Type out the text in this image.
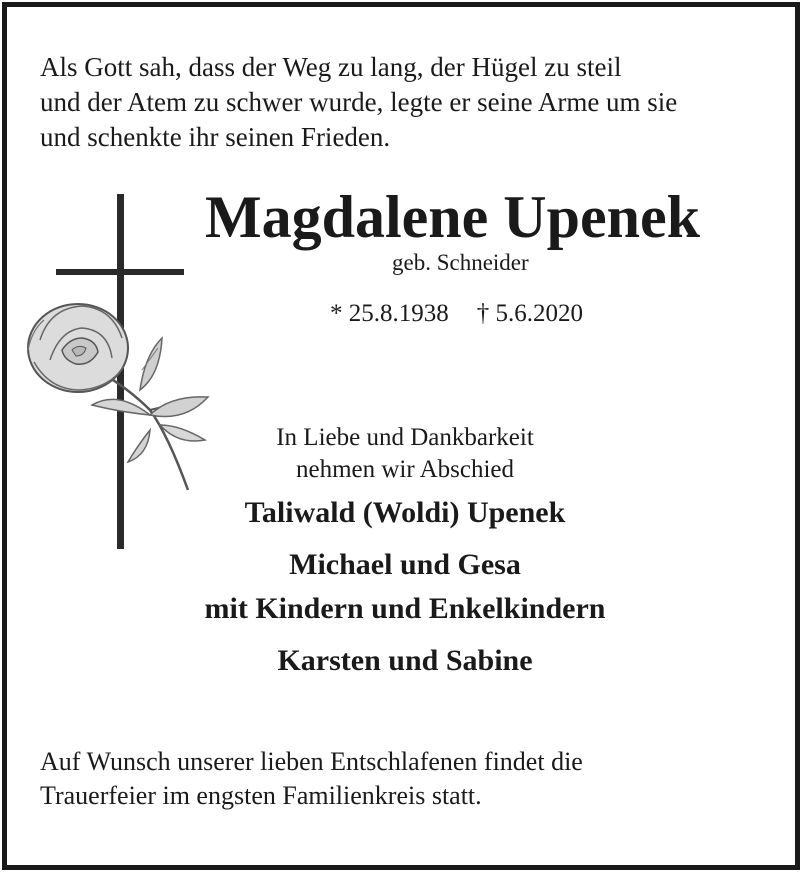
Als Gott sah, dass der Weg zu lang, der Hügel zu steil
und der Atem zu schwer wurde, legte er seine Arme um sie
und schenkte ihr seinen Frieden.
Magdalene Upenek
geb. Schneider
* 25.8.1938 † 5.6.2020
In Liebe und Dankbarkeit
nehmen wir Abschied
Taliwald (Woldi) Upenek
Michael und Gesa
mit Kindern und Enkelkindern
Karsten und Sabine
Auf Wunsch unserer lieben Entschlafenen findet die
Trauerfeier im engsten Familienkreis statt.
